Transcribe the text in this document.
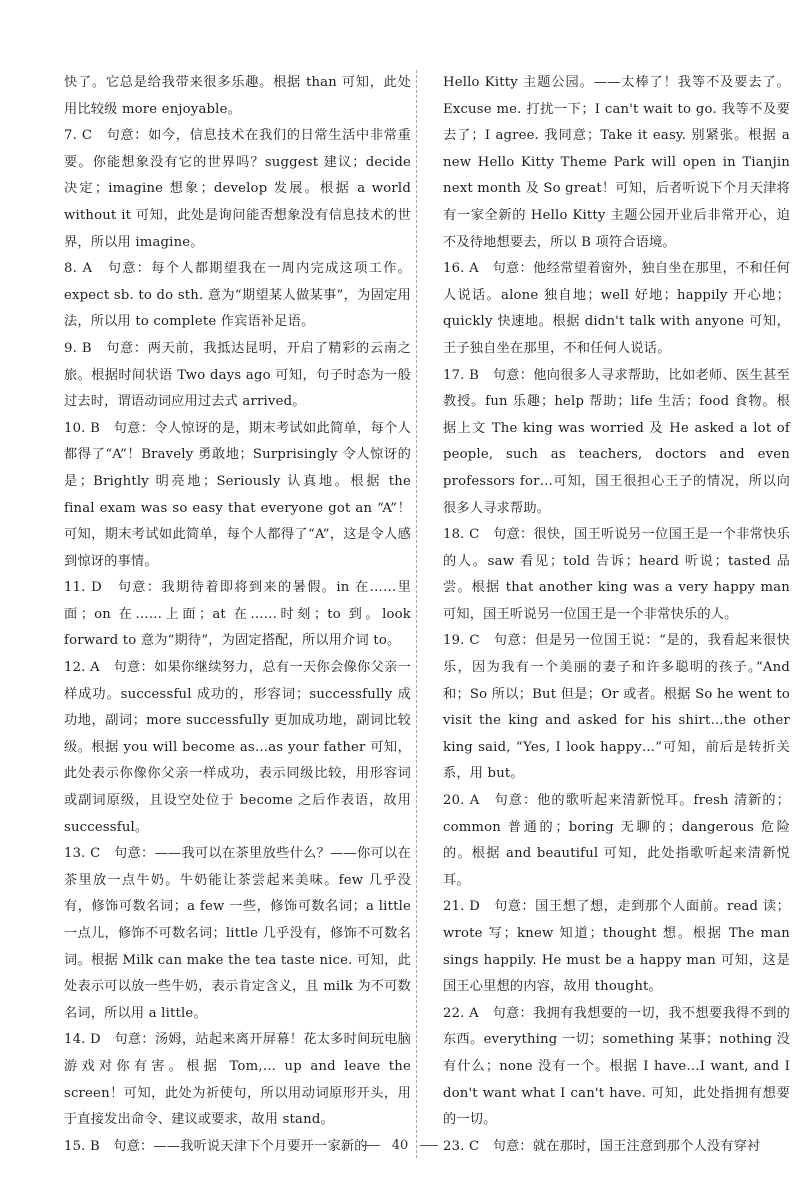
快了。它总是给我带来很多乐趣。根据 than 可知，此处用比较级 more enjoyable。

7. C　句意：如今，信息技术在我们的日常生活中非常重要。你能想象没有它的世界吗？suggest 建议；decide 决定；imagine 想象；develop 发展。根据 a world without it 可知，此处是询问能否想象没有信息技术的世界，所以用 imagine。

8. A　句意：每个人都期望我在一周内完成这项工作。expect sb. to do sth. 意为“期望某人做某事”，为固定用法，所以用 to complete 作宾语补足语。

9. B　句意：两天前，我抵达昆明，开启了精彩的云南之旅。根据时间状语 Two days ago 可知，句子时态为一般过去时，谓语动词应用过去式 arrived。

10. B　句意：令人惊讶的是，期末考试如此简单，每个人都得了“A”！Bravely 勇敢地；Surprisingly 令人惊讶的是；Brightly 明亮地；Seriously 认真地。根据 the final exam was so easy that everyone got an “A”！可知，期末考试如此简单，每个人都得了“A”，这是令人感到惊讶的事情。

11. D　句意：我期待着即将到来的暑假。in 在……里面；on 在……上面；at 在……时刻；to 到。look forward to 意为“期待”，为固定搭配，所以用介词 to。

12. A　句意：如果你继续努力，总有一天你会像你父亲一样成功。successful 成功的，形容词；successfully 成功地，副词；more successfully 更加成功地，副词比较级。根据 you will become as…as your father 可知，此处表示你像你父亲一样成功，表示同级比较，用形容词或副词原级，且设空处位于 become 之后作表语，故用 successful。

13. C　句意：——我可以在茶里放些什么？——你可以在茶里放一点牛奶。牛奶能让茶尝起来美味。few 几乎没有，修饰可数名词；a few 一些，修饰可数名词；a little 一点儿，修饰不可数名词；little 几乎没有，修饰不可数名词。根据 Milk can make the tea taste nice. 可知，此处表示可以放一些牛奶，表示肯定含义，且 milk 为不可数名词，所以用 a little。

14. D　句意：汤姆，站起来离开屏幕！花太多时间玩电脑游戏对你有害。根据 Tom,… up and leave the screen！可知，此处为祈使句，所以用动词原形开头，用于直接发出命令、建议或要求，故用 stand。

15. B　句意：——我听说天津下个月要开一家新的

Hello Kitty 主题公园。——太棒了！我等不及要去了。Excuse me. 打扰一下；I can't wait to go. 我等不及要去了；I agree. 我同意；Take it easy. 别紧张。根据 a new Hello Kitty Theme Park will open in Tianjin next month 及 So great！可知，后者听说下个月天津将有一家全新的 Hello Kitty 主题公园开业后非常开心，迫不及待地想要去，所以 B 项符合语境。

16. A　句意：他经常望着窗外，独自坐在那里，不和任何人说话。alone 独自地；well 好地；happily 开心地；quickly 快速地。根据 didn't talk with anyone 可知，王子独自坐在那里，不和任何人说话。

17. B　句意：他向很多人寻求帮助，比如老师、医生甚至教授。fun 乐趣；help 帮助；life 生活；food 食物。根据上文 The king was worried 及 He asked a lot of people, such as teachers, doctors and even professors for…可知，国王很担心王子的情况，所以向很多人寻求帮助。

18. C　句意：很快，国王听说另一位国王是一个非常快乐的人。saw 看见；told 告诉；heard 听说；tasted 品尝。根据 that another king was a very happy man 可知，国王听说另一位国王是一个非常快乐的人。

19. C　句意：但是另一位国王说：“是的，我看起来很快乐，因为我有一个美丽的妻子和许多聪明的孩子。”And 和；So 所以；But 但是；Or 或者。根据 So he went to visit the king and asked for his shirt…the other king said, “Yes, I look happy…”可知，前后是转折关系，用 but。

20. A　句意：他的歌听起来清新悦耳。fresh 清新的；common 普通的；boring 无聊的；dangerous 危险的。根据 and beautiful 可知，此处指歌听起来清新悦耳。

21. D　句意：国王想了想，走到那个人面前。read 读；wrote 写；knew 知道；thought 想。根据 The man sings happily. He must be a happy man 可知，这是国王心里想的内容，故用 thought。

22. A　句意：我拥有我想要的一切，我不想要我得不到的东西。everything 一切；something 某事；nothing 没有什么；none 没有一个。根据 I have…I want, and I don't want what I can't have. 可知，此处指拥有想要的一切。

23. C　句意：就在那时，国王注意到那个人没有穿衬

40
